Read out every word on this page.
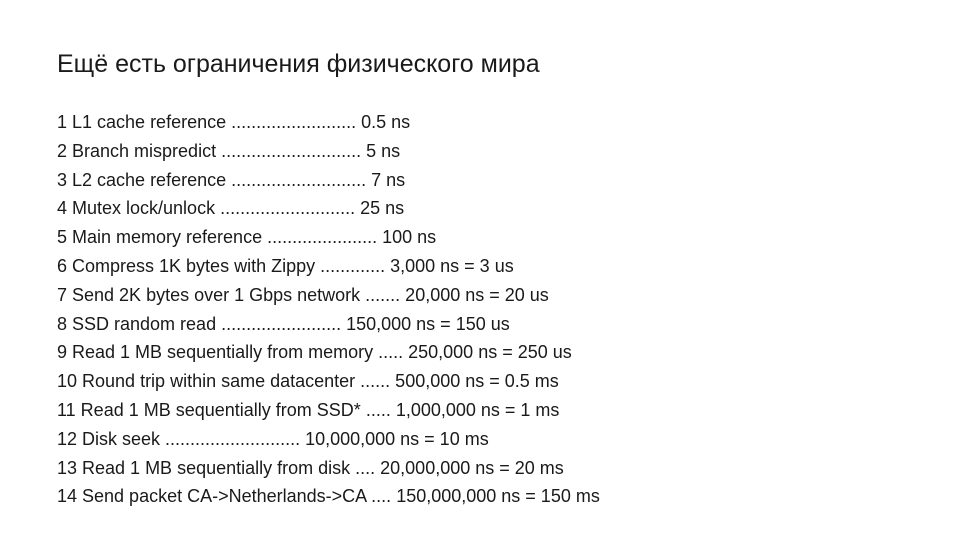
Ещё есть ограничения физического мира
1 L1 cache reference ......................... 0.5 ns
2 Branch mispredict ............................ 5 ns
3 L2 cache reference ........................... 7 ns
4 Mutex lock/unlock ........................... 25 ns
5 Main memory reference ...................... 100 ns
6 Compress 1K bytes with Zippy ............. 3,000 ns = 3 us
7 Send 2K bytes over 1 Gbps network ....... 20,000 ns = 20 us
8 SSD random read ........................ 150,000 ns = 150 us
9 Read 1 MB sequentially from memory ..... 250,000 ns = 250 us
10 Round trip within same datacenter ...... 500,000 ns = 0.5 ms
11 Read 1 MB sequentially from SSD* ..... 1,000,000 ns = 1 ms
12 Disk seek ........................... 10,000,000 ns = 10 ms
13 Read 1 MB sequentially from disk .... 20,000,000 ns = 20 ms
14 Send packet CA->Netherlands->CA .... 150,000,000 ns = 150 ms
